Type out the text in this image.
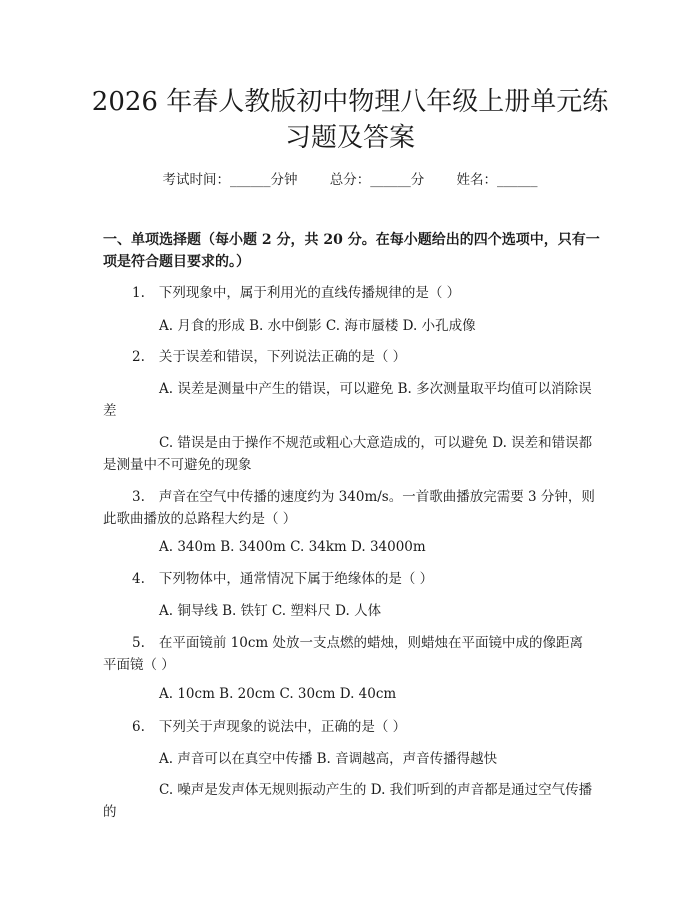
2026 年春人教版初中物理八年级上册单元练
习题及答案
考试时间：______分钟 总分：______分 姓名：______
一、单项选择题（每小题 2 分，共 20 分。在每小题给出的四个选项中，只有一项是符合题目要求的。）
1. 下列现象中，属于利用光的直线传播规律的是（ ）
A. 月食的形成 B. 水中倒影 C. 海市蜃楼 D. 小孔成像
2. 关于误差和错误，下列说法正确的是（ ）
A. 误差是测量中产生的错误，可以避免 B. 多次测量取平均值可以消除误差
C. 错误是由于操作不规范或粗心大意造成的，可以避免 D. 误差和错误都是测量中不可避免的现象
3. 声音在空气中传播的速度约为 340m/s。一首歌曲播放完需要 3 分钟，则此歌曲播放的总路程大约是（ ）
A. 340m B. 3400m C. 34km D. 34000m
4. 下列物体中，通常情况下属于绝缘体的是（ ）
A. 铜导线 B. 铁钉 C. 塑料尺 D. 人体
5. 在平面镜前 10cm 处放一支点燃的蜡烛，则蜡烛在平面镜中成的像距离平面镜（ ）
A. 10cm B. 20cm C. 30cm D. 40cm
6. 下列关于声现象的说法中，正确的是（ ）
A. 声音可以在真空中传播 B. 音调越高，声音传播得越快
C. 噪声是发声体无规则振动产生的 D. 我们听到的声音都是通过空气传播的
